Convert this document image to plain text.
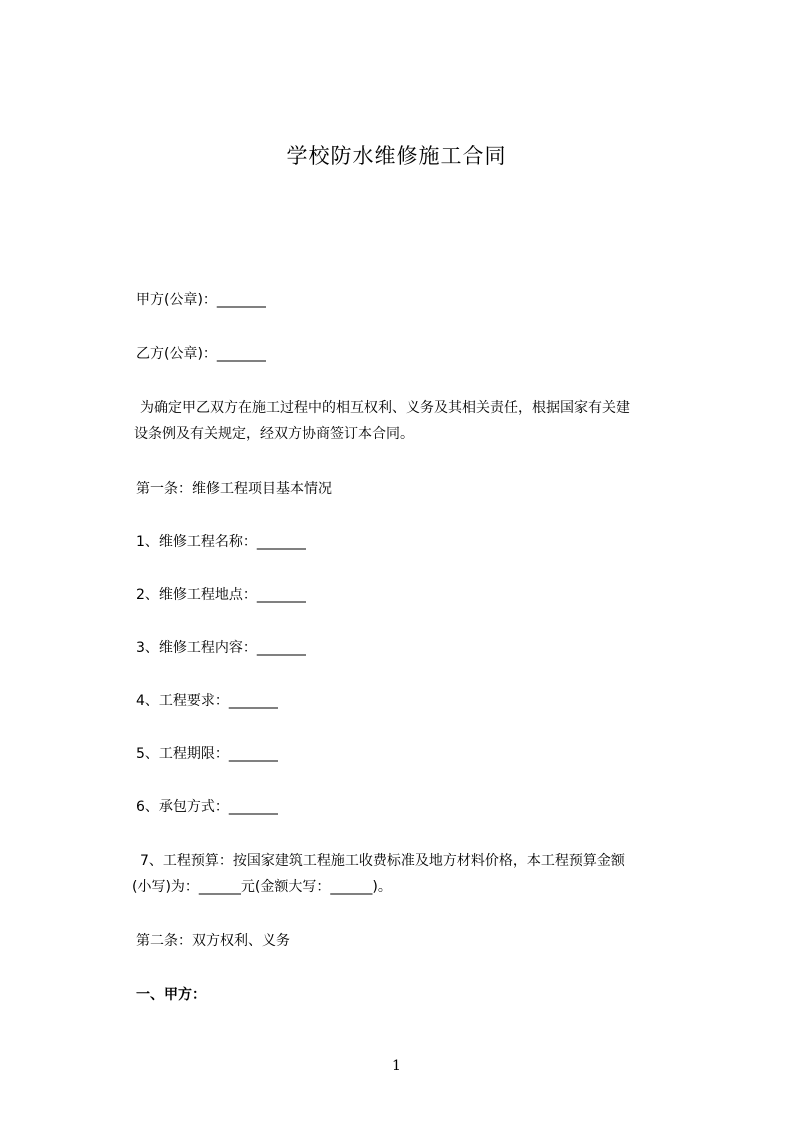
学校防水维修施工合同
甲方(公章)：_______
乙方(公章)：_______
为确定甲乙双方在施工过程中的相互权利、义务及其相关责任，根据国家有关建
设条例及有关规定，经双方协商签订本合同。
第一条：维修工程项目基本情况
1、维修工程名称：_______
2、维修工程地点：_______
3、维修工程内容：_______
4、工程要求：_______
5、工程期限：_______
6、承包方式：_______
7、工程预算：按国家建筑工程施工收费标准及地方材料价格，本工程预算金额
(小写)为：______元(金额大写：______)。
第二条：双方权利、义务
一、甲方：
1
